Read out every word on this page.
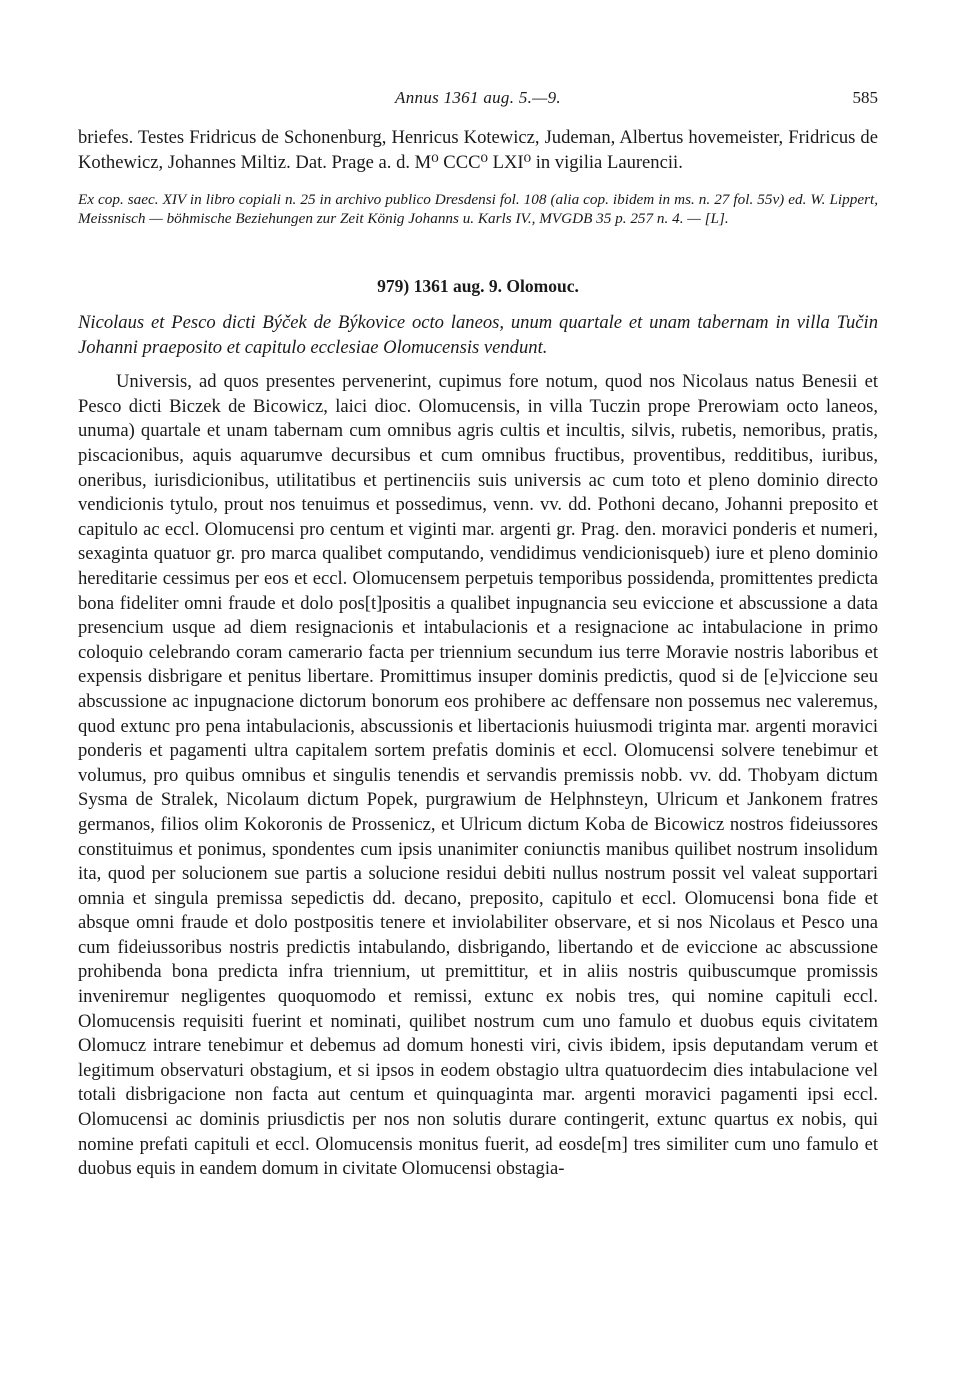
Annus 1361 aug. 5.—9.	585

briefes. Testes Fridricus de Schonenburg, Henricus Kotewicz, Judeman, Albertus hovemeister, Fridricus de Kothewicz, Johannes Miltiz. Dat. Prage a. d. M⁰ CCC⁰ LXI⁰ in vigilia Laurencii.

Ex cop. saec. XIV in libro copiali n. 25 in archivo publico Dresdensi fol. 108 (alia cop. ibidem in ms. n. 27 fol. 55v) ed. W. Lippert, Meissnisch — böhmische Beziehungen zur Zeit König Johanns u. Karls IV., MVGDB 35 p. 257 n. 4. — [L].

979) 1361 aug. 9. Olomouc.

Nicolaus et Pesco dicti Býček de Býkovice octo laneos, unum quartale et unam tabernam in villa Tučin Johanni praeposito et capitulo ecclesiae Olomucensis vendunt.

Universis, ad quos presentes pervenerint, cupimus fore notum, quod nos Nicolaus natus Benesii et Pesco dicti Biczek de Bicowicz, laici dioc. Olomucensis, in villa Tuczin prope Prerowiam octo laneos, unuma) quartale et unam tabernam cum omnibus agris cultis et incultis, silvis, rubetis, nemoribus, pratis, piscacionibus, aquis aquarumve decursibus et cum omnibus fructibus, proventibus, redditibus, iuribus, oneribus, iurisdicionibus, utilitatibus et pertinenciis suis universis ac cum toto et pleno dominio directo vendicionis tytulo, prout nos tenuimus et possedimus, venn. vv. dd. Pothoni decano, Johanni preposito et capitulo ac eccl. Olomucensi pro centum et viginti mar. argenti gr. Prag. den. moravici ponderis et numeri, sexaginta quatuor gr. pro marca qualibet computando, vendidimus vendicionisqueb) iure et pleno dominio hereditarie cessimus per eos et eccl. Olomucensem perpetuis temporibus possidenda, promittentes predicta bona fideliter omni fraude et dolo pos[t]positis a qualibet inpugnancia seu eviccione et abscussione a data presencium usque ad diem resignacionis et intabulacionis et a resignacione ac intabulacione in primo coloquio celebrando coram camerario facta per triennium secundum ius terre Moravie nostris laboribus et expensis disbrigare et penitus libertare. Promittimus insuper dominis predictis, quod si de [e]viccione seu abscussione ac inpugnacione dictorum bonorum eos prohibere ac deffensare non possemus nec valeremus, quod extunc pro pena intabulacionis, abscussionis et libertacionis huiusmodi triginta mar. argenti moravici ponderis et pagamenti ultra capitalem sortem prefatis dominis et eccl. Olomucensi solvere tenebimur et volumus, pro quibus omnibus et singulis tenendis et servandis premissis nobb. vv. dd. Thobyam dictum Sysma de Stralek, Nicolaum dictum Popek, purgrawium de Helphnsteyn, Ulricum et Jankonem fratres germanos, filios olim Kokoronis de Prossenicz, et Ulricum dictum Koba de Bicowicz nostros fideiussores constituimus et ponimus, spondentes cum ipsis unanimiter coniunctis manibus quilibet nostrum insolidum ita, quod per solucionem sue partis a solucione residui debiti nullus nostrum possit vel valeat supportari omnia et singula premissa sepedictis dd. decano, preposito, capitulo et eccl. Olomucensi bona fide et absque omni fraude et dolo postpositis tenere et inviolabiliter observare, et si nos Nicolaus et Pesco una cum fideiussoribus nostris predictis intabulando, disbrigando, libertando et de eviccione ac abscussione prohibenda bona predicta infra triennium, ut premittitur, et in aliis nostris quibuscumque promissis inveniremur negligentes quoquomodo et remissi, extunc ex nobis tres, qui nomine capituli eccl. Olomucensis requisiti fuerint et nominati, quilibet nostrum cum uno famulo et duobus equis civitatem Olomucz intrare tenebimur et debemus ad domum honesti viri, civis ibidem, ipsis deputandam verum et legitimum observaturi obstagium, et si ipsos in eodem obstagio ultra quatuordecim dies intabulacione vel totali disbrigacione non facta aut centum et quinquaginta mar. argenti moravici pagamenti ipsi eccl. Olomucensi ac dominis priusdictis per nos non solutis durare contingerit, extunc quartus ex nobis, qui nomine prefati capituli et eccl. Olomucensis monitus fuerit, ad eosde[m] tres similiter cum uno famulo et duobus equis in eandem domum in civitate Olomucensi obstagia-
